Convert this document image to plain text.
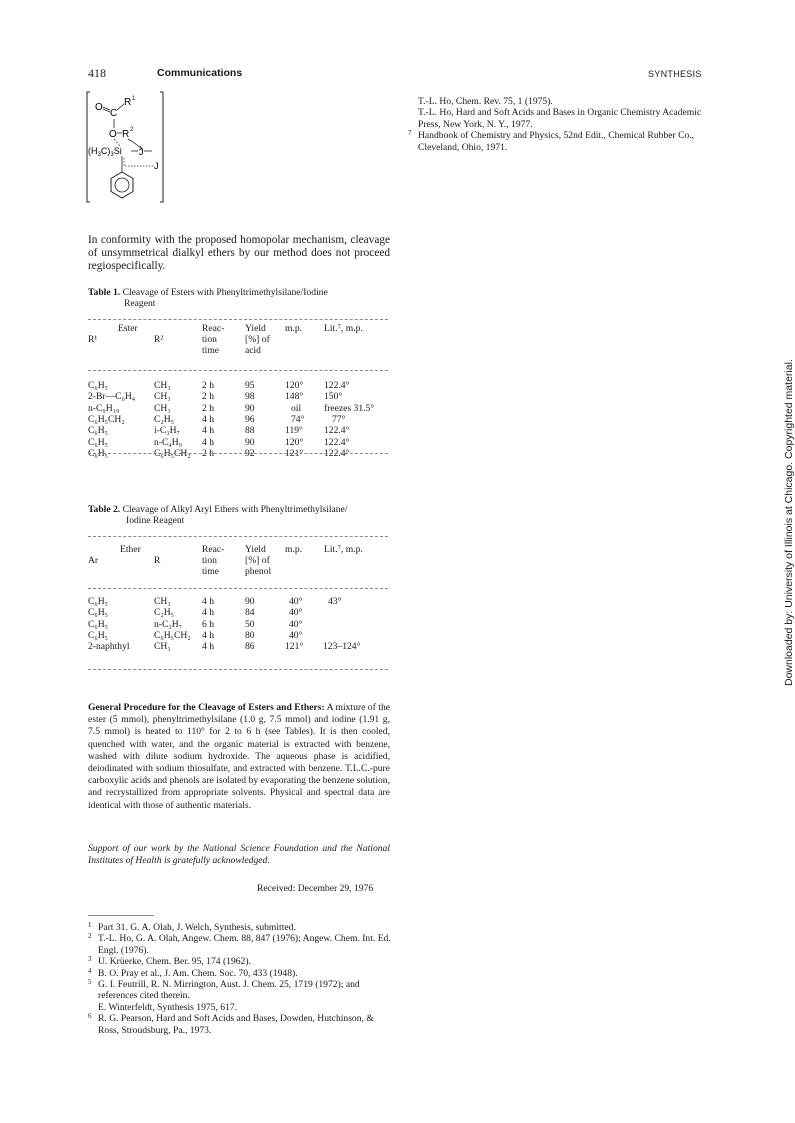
418	Communications	SYNTHESIS
O
C
R 1
O R 2
$(H_3C)_3Si$ J
J
In conformity with the proposed homopolar mechanism, cleavage of unsymmetrical dialkyl ethers by our method does not proceed regiospecifically.
Table 1. Cleavage of Esters with Phenyltrimethylsilane/Iodine
Reagent
Ester
R¹	R²
Reac-
tion
time
Yield
[%] of
acid
m.p. Lit.⁷, m.p.
C₆H₅	CH₃	2 h	95	120° 122.4°
2-Br—C₆H₄ CH₃	2 h	98	148° 150°
n-C₉H₁₉	CH₃	2 h	90	oil freezes 31.5°
C₆H₅CH₂	C₂H₅	4 h	96	74°	77°
C₆H₅	i-C₃H₇ 4 h	88	119° 122.4°
C₆H₅	n-C₄H₉ 4 h	90	120° 122.4°
C₆H₅	C₆H₅CH₂ 2 h	92	121° 122.4°
Table 2. Cleavage of Alkyl Aryl Ethers with Phenyltrimethylsilane/
Iodine Reagent
Ether
Ar	R
Reac-
tion
time
Yield
[%] of
phenol
m.p. Lit.⁷, m.p.
C₆H₅	CH₃	4 h	90	40°	43°
C₆H₅	C₂H₅	4 h	84	40°
C₆H₅	n-C₃H₇ 6 h	50	40°
C₆H₅	C₆H₅CH₂ 4 h	80	40°
2-naphthyl	CH₃	4 h	86	121° 123–124°
General Procedure for the Cleavage of Esters and Ethers: A mixture of the ester (5 mmol), phenyltrimethylsilane (1.0 g, 7.5 mmol) and iodine (1.91 g, 7.5 mmol) is heated to 110° for 2 to 6 h (see Tables). It is then cooled, quenched with water, and the organic material is extracted with benzene, washed with dilute sodium hydroxide. The aqueous phase is acidified, deiodinated with sodium thiosulfate, and extracted with benzene. T.L.C.-pure carboxylic acids and phenols are isolated by evaporating the benzene solution, and recrystallized from appropriate solvents. Physical and spectral data are identical with those of authentic materials.
Support of our work by the National Science Foundation and the National Institutes of Health is gratefully acknowledged.
Received: December 29, 1976
1 Part 31. G. A. Olah, J. Welch, Synthesis, submitted.
2 T.-L. Ho, G. A. Olah, Angew. Chem. 88, 847 (1976); Angew. Chem. Int. Ed. Engl. (1976).
3 U. Krüerke, Chem. Ber. 95, 174 (1962).
4 B. O. Pray et al., J. Am. Chem. Soc. 70, 433 (1948).
5 G. I. Feutrill, R. N. Mirrington, Aust. J. Chem. 25, 1719 (1972); and references cited therein.
E. Winterfeldt, Synthesis 1975, 617.
6 R. G. Pearson, Hard and Soft Acids and Bases, Dowden, Hutchinson, & Ross, Stroudsburg, Pa., 1973.
T.-L. Ho, Chem. Rev. 75, 1 (1975).
T.-L. Ho, Hard and Soft Acids and Bases in Organic Chemistry Academic Press, New York, N. Y., 1977.
7 Handbook of Chemistry and Physics, 52nd Edit., Chemical Rubber Co., Cleveland, Ohio, 1971.
Downloaded by: University of Illinois at Chicago. Copyrighted material.
